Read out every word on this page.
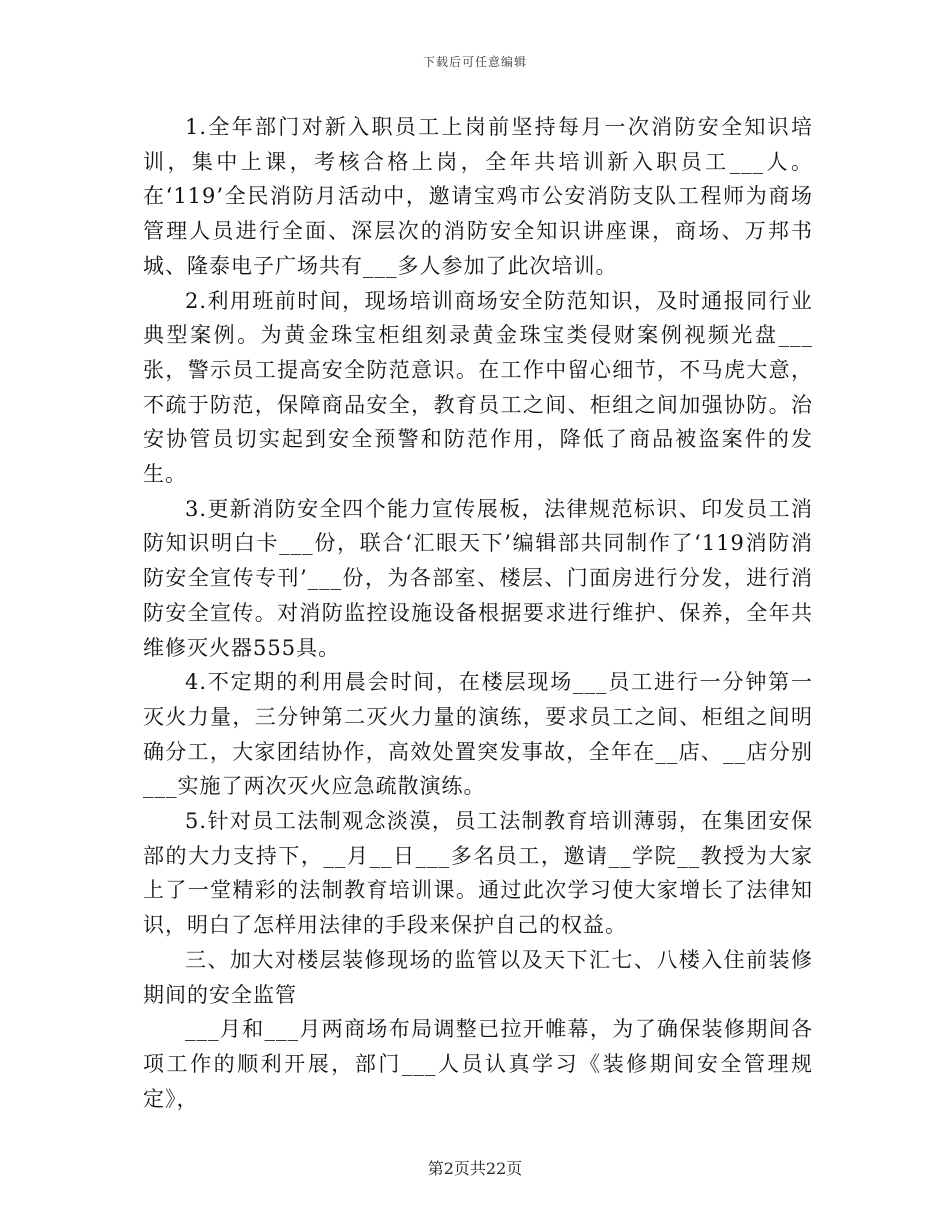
下载后可任意编辑

1.全年部门对新入职员工上岗前坚持每月一次消防安全知识培训，集中上课，考核合格上岗，全年共培训新入职员工___人。在‘119’全民消防月活动中，邀请宝鸡市公安消防支队工程师为商场管理人员进行全面、深层次的消防安全知识讲座课，商场、万邦书城、隆泰电子广场共有___多人参加了此次培训。

2.利用班前时间，现场培训商场安全防范知识，及时通报同行业典型案例。为黄金珠宝柜组刻录黄金珠宝类侵财案例视频光盘___张，警示员工提高安全防范意识。在工作中留心细节，不马虎大意，不疏于防范，保障商品安全，教育员工之间、柜组之间加强协防。治安协管员切实起到安全预警和防范作用，降低了商品被盗案件的发生。

3.更新消防安全四个能力宣传展板，法律规范标识、印发员工消防知识明白卡___份，联合‘汇眼天下’编辑部共同制作了‘119消防消防安全宣传专刊’___份，为各部室、楼层、门面房进行分发，进行消防安全宣传。对消防监控设施设备根据要求进行维护、保养，全年共维修灭火器555具。

4.不定期的利用晨会时间，在楼层现场___员工进行一分钟第一灭火力量，三分钟第二灭火力量的演练，要求员工之间、柜组之间明确分工，大家团结协作，高效处置突发事故，全年在__店、__店分别___实施了两次灭火应急疏散演练。

5.针对员工法制观念淡漠，员工法制教育培训薄弱，在集团安保部的大力支持下，__月__日___多名员工，邀请__学院__教授为大家上了一堂精彩的法制教育培训课。通过此次学习使大家增长了法律知识，明白了怎样用法律的手段来保护自己的权益。

三、加大对楼层装修现场的监管以及天下汇七、八楼入住前装修期间的安全监管

___月和___月两商场布局调整已拉开帷幕，为了确保装修期间各项工作的顺利开展，部门___人员认真学习《装修期间安全管理规定》，

第2页共22页
